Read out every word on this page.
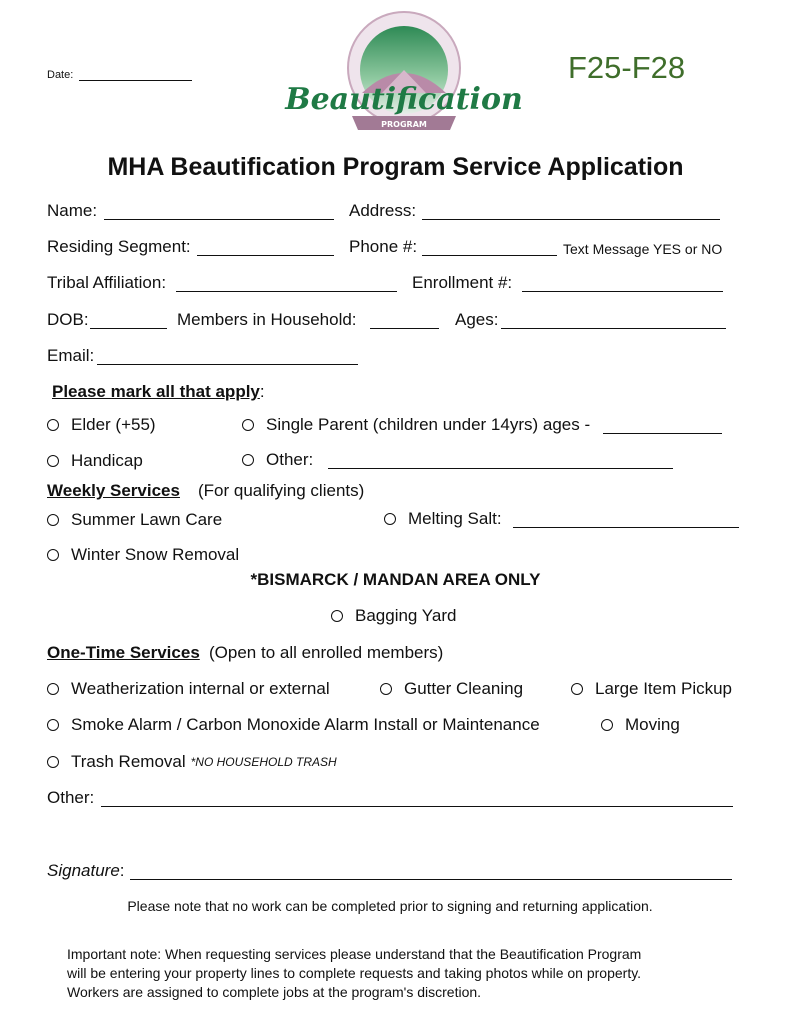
Date:	F25-F28
PROGRAM
Beautification
MHA Beautification Program Service Application
Name:	Address:
Residing Segment:	Phone #:	Text Message YES or NO
Tribal Affiliation:	Enrollment #:
DOB:	Members in Household:	Ages:
Email:
Please mark all that apply:
Elder (+55)	Single Parent (children under 14yrs) ages -
Handicap	Other:
Weekly Services (For qualifying clients)
Summer Lawn Care	Melting Salt:
Winter Snow Removal
*BISMARCK / MANDAN AREA ONLY
Bagging Yard
One-Time Services (Open to all enrolled members)
Weatherization internal or external	Gutter Cleaning	Large Item Pickup
Smoke Alarm / Carbon Monoxide Alarm Install or Maintenance	Moving
Trash Removal *NO HOUSEHOLD TRASH
Other:
Signature:
Please note that no work can be completed prior to signing and returning application.
Important note: When requesting services please understand that the Beautification Program
will be entering your property lines to complete requests and taking photos while on property.
Workers are assigned to complete jobs at the program's discretion.
